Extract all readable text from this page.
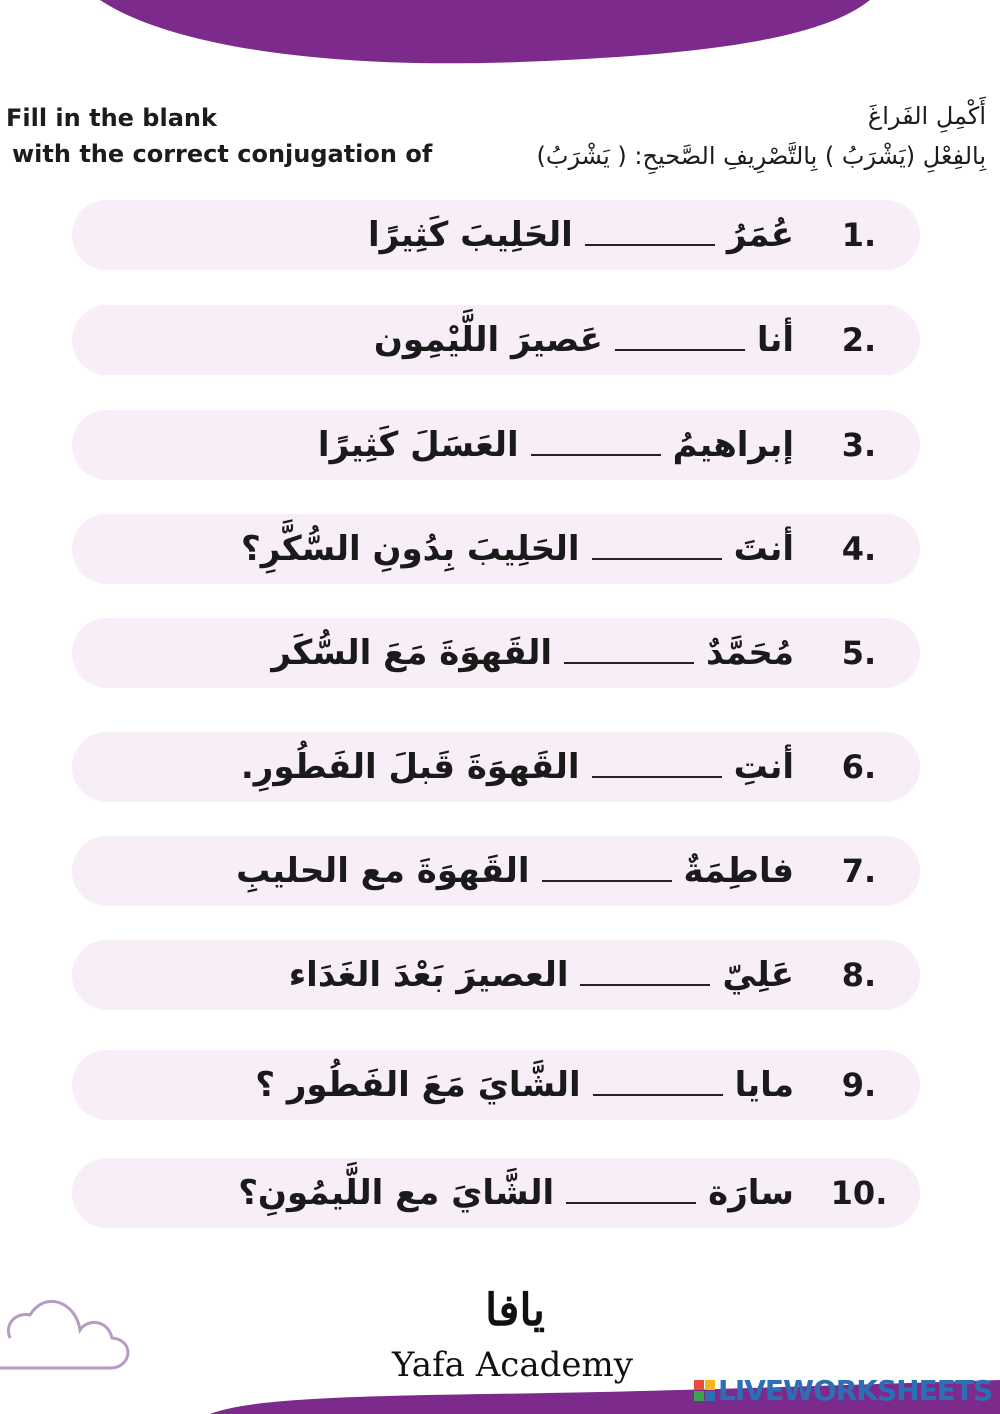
Fill in the blank
with the correct conjugation of
أَكْمِلِ الفَراغَ
بِالفِعْلِ (يَشْرَبُ ) بِالتَّصْرِيفِ الصَّحيحِ: ( يَشْرَبُ)
1.
عُمَرُالحَلِيبَ كَثِيرًا
2.
أناعَصيرَ اللَّيْمِون
3.
إبراهيمُالعَسَلَ كَثِيرًا
4.
أنتَالحَلِيبَ بِدُونِ السُّكَّرِ؟
5.
مُحَمَّدٌالقَهوَةَ مَعَ السُّكَر
6.
أنتِالقَهوَةَ قَبلَ الفَطُورِ.
7.
فاطِمَةٌالقَهوَةَ مع الحليبِ
8.
عَلِيّالعصيرَ بَعْدَ الغَدَاء
9.
ماياالشَّايَ مَعَ الفَطُور ؟
10.
سارَةالشَّايَ مع اللَّيمُونِ؟
يافا
Yafa Academy
LIVE WORKSHEETS
